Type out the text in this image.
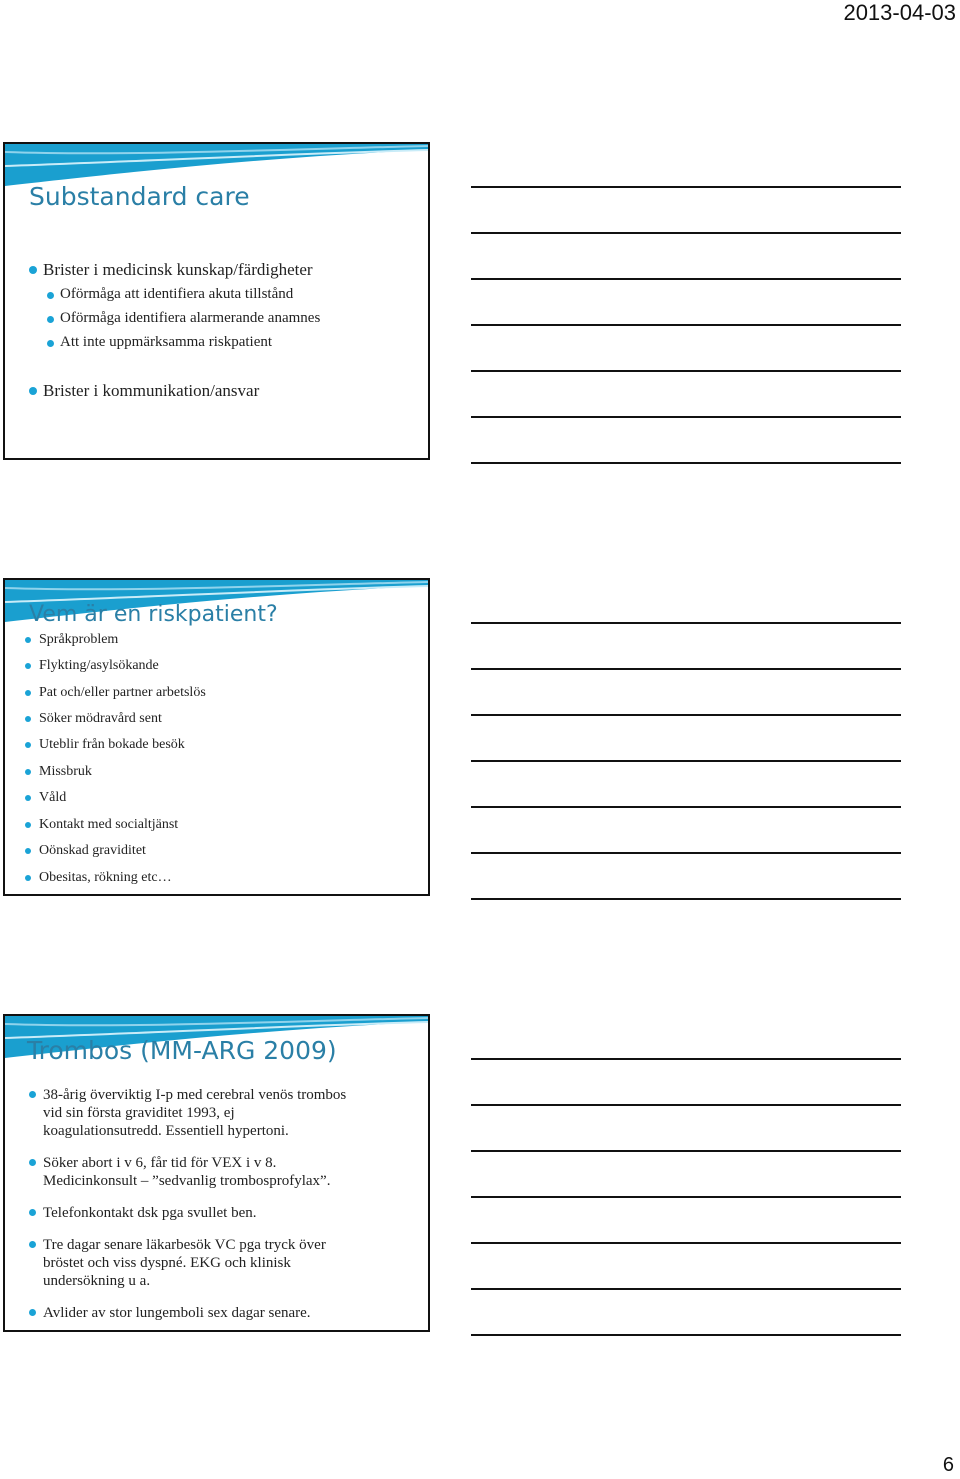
2013-04-03
Substandard care
Brister i medicinsk kunskap/färdigheter
Oförmåga att identifiera akuta tillstånd
Oförmåga identifiera alarmerande anamnes
Att inte uppmärksamma riskpatient
Brister i kommunikation/ansvar
Vem är en riskpatient?
Språkproblem
Flykting/asylsökande
Pat och/eller partner arbetslös
Söker mödravård sent
Uteblir från bokade besök
Missbruk
Våld
Kontakt med socialtjänst
Oönskad graviditet
Obesitas, rökning etc…
Trombos (MM-ARG 2009)
38-årig överviktig I-p med cerebral venös trombos
vid sin första graviditet 1993, ej
koagulationsutredd. Essentiell hypertoni.
Söker abort i v 6, får tid för VEX i v 8.
Medicinkonsult – ”sedvanlig trombosprofylax”.
Telefonkontakt dsk pga svullet ben.
Tre dagar senare läkarbesök VC pga tryck över
bröstet och viss dyspné. EKG och klinisk
undersökning u a.
Avlider av stor lungemboli sex dagar senare.
6
